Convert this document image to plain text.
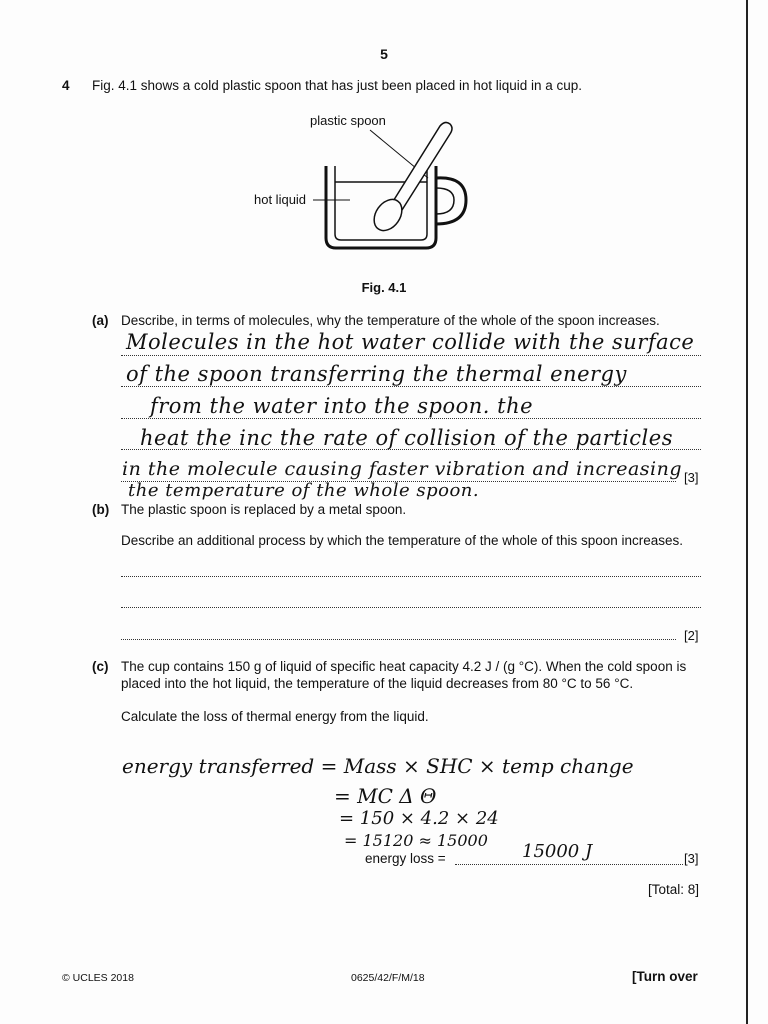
5
4 Fig. 4.1 shows a cold plastic spoon that has just been placed in hot liquid in a cup.
plastic spoon
hot liquid
Fig. 4.1
(a) Describe, in terms of molecules, why the temperature of the whole of the spoon increases.
[3]
Molecules in the hot water collide with the surface
of the spoon transferring the thermal energy
from the water into the spoon. the
heat the inc the rate of collision of the particles
in the molecule causing faster vibration and increasing
the temperature of the whole spoon.
(b) The plastic spoon is replaced by a metal spoon.
Describe an additional process by which the temperature of the whole of this spoon increases.
[2]
(c) The cup contains 150 g of liquid of specific heat capacity 4.2 J / (g °C). When the cold spoon is
placed into the hot liquid, the temperature of the liquid decreases from 80 °C to 56 °C.
Calculate the loss of thermal energy from the liquid.
energy transferred = Mass × SHC × temp change
= MC Δ Θ
= 150 × 4.2 × 24
= 15120 ≈ 15000
energy loss =	15000 J	[3]
[Total: 8]
© UCLES 2018	0625/42/F/M/18	[Turn over
